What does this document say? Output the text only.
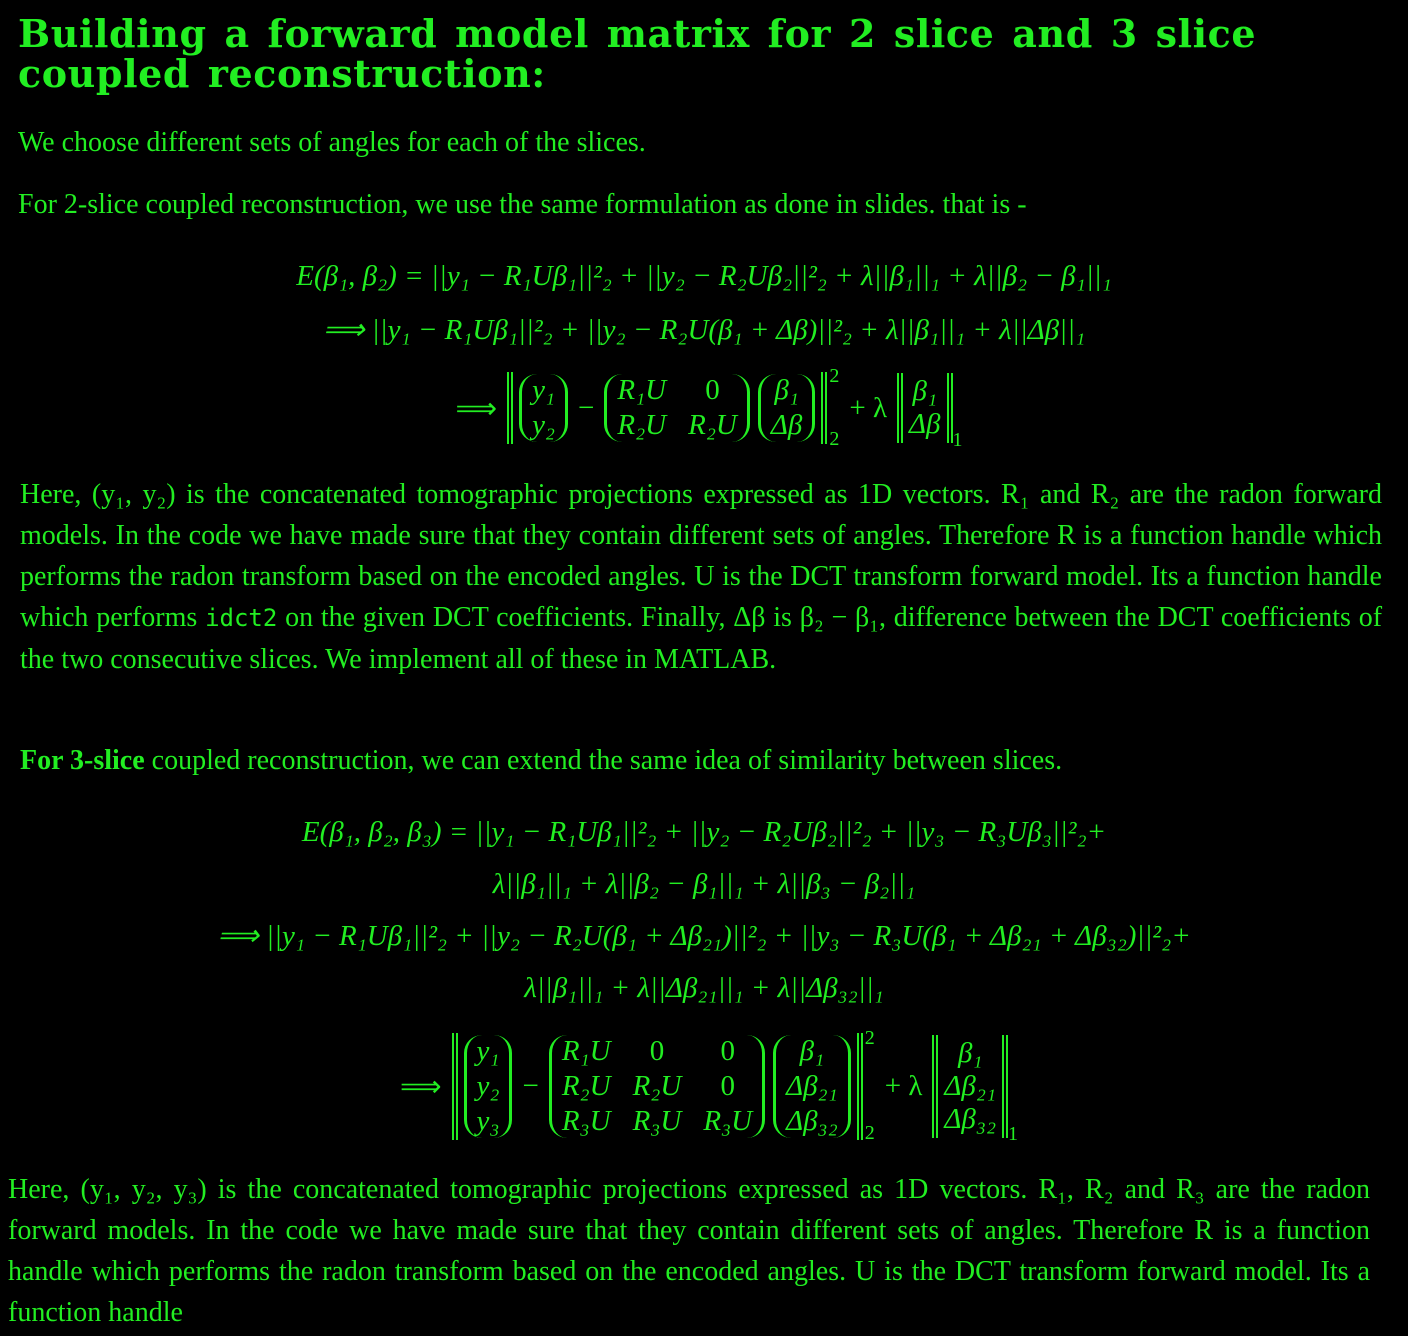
Building a forward model matrix for 2 slice and 3 slice coupled reconstruction:

We choose different sets of angles for each of the slices.

For 2-slice coupled reconstruction, we use the same formulation as done in slides. that is -

E(β₁, β₂) = ||y₁ − R₁Uβ₁||²₂ + ||y₂ − R₂Uβ₂||²₂ + λ||β₁||₁ + λ||β₂ − β₁||₁
⟹ ||y₁ − R₁Uβ₁||²₂ + ||y₂ − R₂U(β₁ + Δβ)||²₂ + λ||β₁||₁ + λ||Δβ||₁
⟹
y₁
y₂
−
R₁U	0
R₂U R₂U
β₁
Δβ
2
2
+ λ
β₁
Δβ 1

Here, (y₁, y₂) is the concatenated tomographic projections expressed as 1D vectors. R₁ and R₂ are the radon forward models. In the code we have made sure that they contain different sets of angles. Therefore R is a function handle which performs the radon transform based on the encoded angles. U is the DCT transform forward model. Its a function handle which performs idct2 on the given DCT coefficients. Finally, Δβ is β₂ − β₁, difference between the DCT coefficients of the two consecutive slices. We implement all of these in MATLAB.

For 3-slice coupled reconstruction, we can extend the same idea of similarity between slices.

E(β₁, β₂, β₃) = ||y₁ − R₁Uβ₁||²₂ + ||y₂ − R₂Uβ₂||²₂ + ||y₃ − R₃Uβ₃||²₂+
λ||β₁||₁ + λ||β₂ − β₁||₁ + λ||β₃ − β₂||₁
⟹ ||y₁ − R₁Uβ₁||²₂ + ||y₂ − R₂U(β₁ + Δβ₂₁)||²₂ + ||y₃ − R₃U(β₁ + Δβ₂₁ + Δβ₃₂)||²₂+
λ||β₁||₁ + λ||Δβ₂₁||₁ + λ||Δβ₃₂||₁
⟹
y₁
y₂
y₃
−
R₁U	0	0
R₂U R₂U	0
R₃U R₃U R₃U
β₁
Δβ₂₁
Δβ₃₂
2
2
+ λ
β₁
Δβ₂₁
Δβ₃₂ 1

Here, (y₁, y₂, y₃) is the concatenated tomographic projections expressed as 1D vectors. R₁, R₂ and R₃ are the radon forward models. In the code we have made sure that they contain different sets of angles. Therefore R is a function handle which performs the radon transform based on the encoded angles. U is the DCT transform forward model. Its a function handle
